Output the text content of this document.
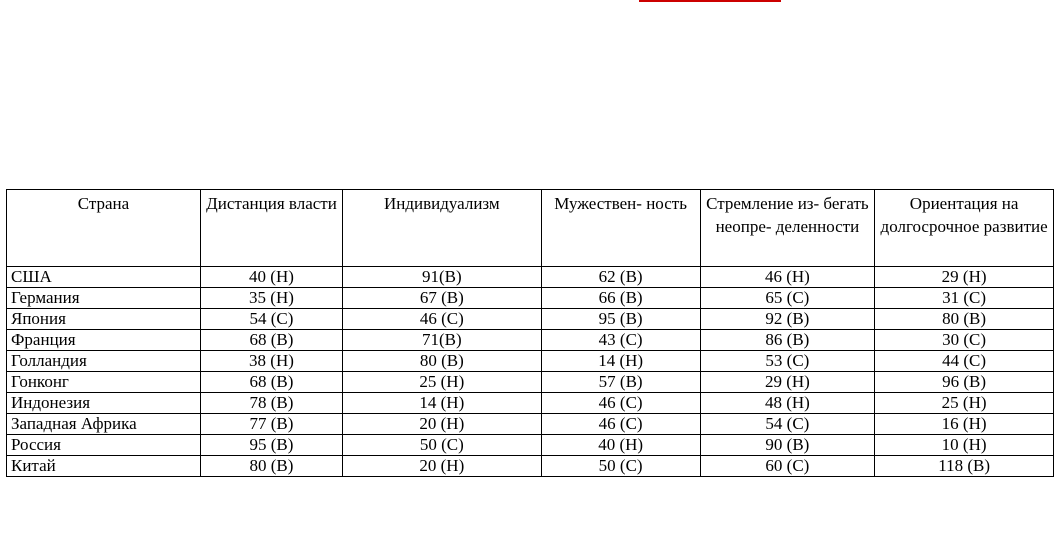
Страна	Дистанция власти	Индивидуализм	Мужествен- ность	Стремление из- бегать неопре- деленности	Ориентация на долгосрочное развитие
США	40 (Н)	91(В)	62 (В)	46 (Н)	29 (Н)
Германия	35 (Н)	67 (В)	66 (В)	65 (С)	31 (С)
Япония	54 (С)	46 (С)	95 (В)	92 (В)	80 (В)
Франция	68 (В)	71(В)	43 (С)	86 (В)	30 (С)
Голландия	38 (Н)	80 (В)	14 (Н)	53 (С)	44 (С)
Гонконг	68 (В)	25 (Н)	57 (В)	29 (Н)	96 (В)
Индонезия	78 (В)	14 (Н)	46 (С)	48 (Н)	25 (Н)
Западная Африка	77 (В)	20 (Н)	46 (С)	54 (С)	16 (Н)
Россия	95 (В)	50 (С)	40 (Н)	90 (В)	10 (Н)
Китай	80 (В)	20 (Н)	50 (С)	60 (С)	118 (В)
